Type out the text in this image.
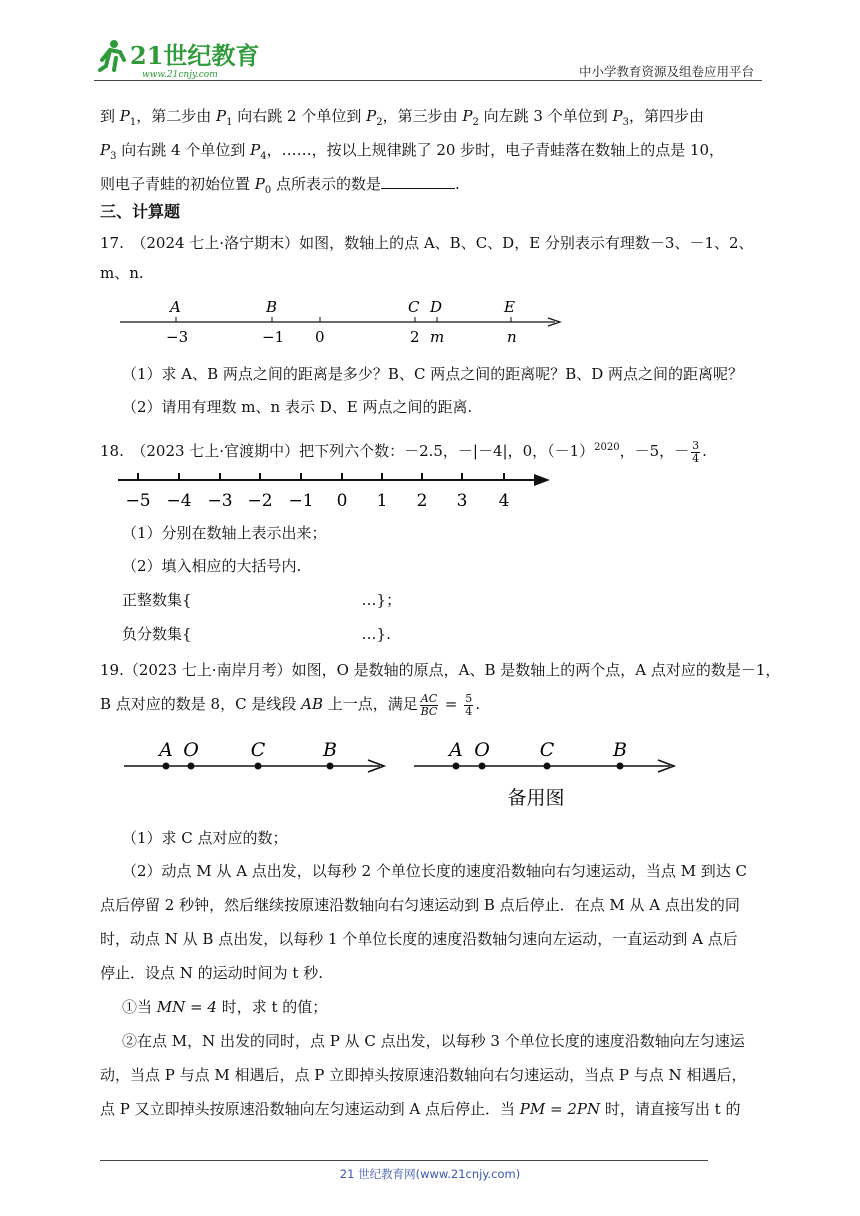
21世纪教育
www.21cnjy.com	中小学教育资源及组卷应用平台
到 $P_1$，第二步由 $P_1$ 向右跳 2 个单位到 $P_2$，第三步由 $P_2$ 向左跳 3 个单位到 $P_3$，第四步由
$P_3$ 向右跳 4 个单位到 $P_4$，……，按以上规律跳了 20 步时，电子青蛙落在数轴上的点是 10，
则电子青蛙的初始位置 $P_0$ 点所表示的数是	.
三、计算题
17.　（2024 七上·洛宁期末）如图，数轴上的点 A、B、C、D，E 分别表示有理数－3、－1、2、
m、n.
A
−3
B
−1 0
C
2
D
m
E
n
（1）求 A、B 两点之间的距离是多少？B、C 两点之间的距离呢？B、D 两点之间的距离呢？
（2）请用有理数 m、n 表示 D、E 两点之间的距离.
18.　（2023 七上·官渡期中）把下列六个数：－2.5，－|－4|，0，$(-1)^{2020}$，－5，－ $\frac{3}{4}$ .
−5 −4 −3 −2 −1 0 1 2 3 4
（1）分别在数轴上表示出来；
（2）填入相应的大括号内.
正整数集{	…}；
负分数集{	…}.
19.（2023 七上·南岸月考）如图，O 是数轴的原点，A、B 是数轴上的两个点，A 点对应的数是－1，
B 点对应的数是 8，C 是线段 AB 上一点，满足 $\frac{AC}{BC} = \frac{5}{4}$ .
A O	C	B	A O	C	B
备用图
（1）求 C 点对应的数；
（2）动点 M 从 A 点出发，以每秒 2 个单位长度的速度沿数轴向右匀速运动，当点 M 到达 C
点后停留 2 秒钟，然后继续按原速沿数轴向右匀速运动到 B 点后停止．在点 M 从 A 点出发的同
时，动点 N 从 B 点出发，以每秒 1 个单位长度的速度沿数轴匀速向左运动，一直运动到 A 点后
停止．设点 N 的运动时间为 t 秒.
①当 MN = 4 时，求 t 的值；
②在点 M，N 出发的同时，点 P 从 C 点出发，以每秒 3 个单位长度的速度沿数轴向左匀速运
动，当点 P 与点 M 相遇后，点 P 立即掉头按原速沿数轴向右匀速运动，当点 P 与点 N 相遇后，
点 P 又立即掉头按原速沿数轴向左匀速运动到 A 点后停止．当 PM = 2PN 时，请直接写出 t 的
21 世纪教育网(www.21cnjy.com)
